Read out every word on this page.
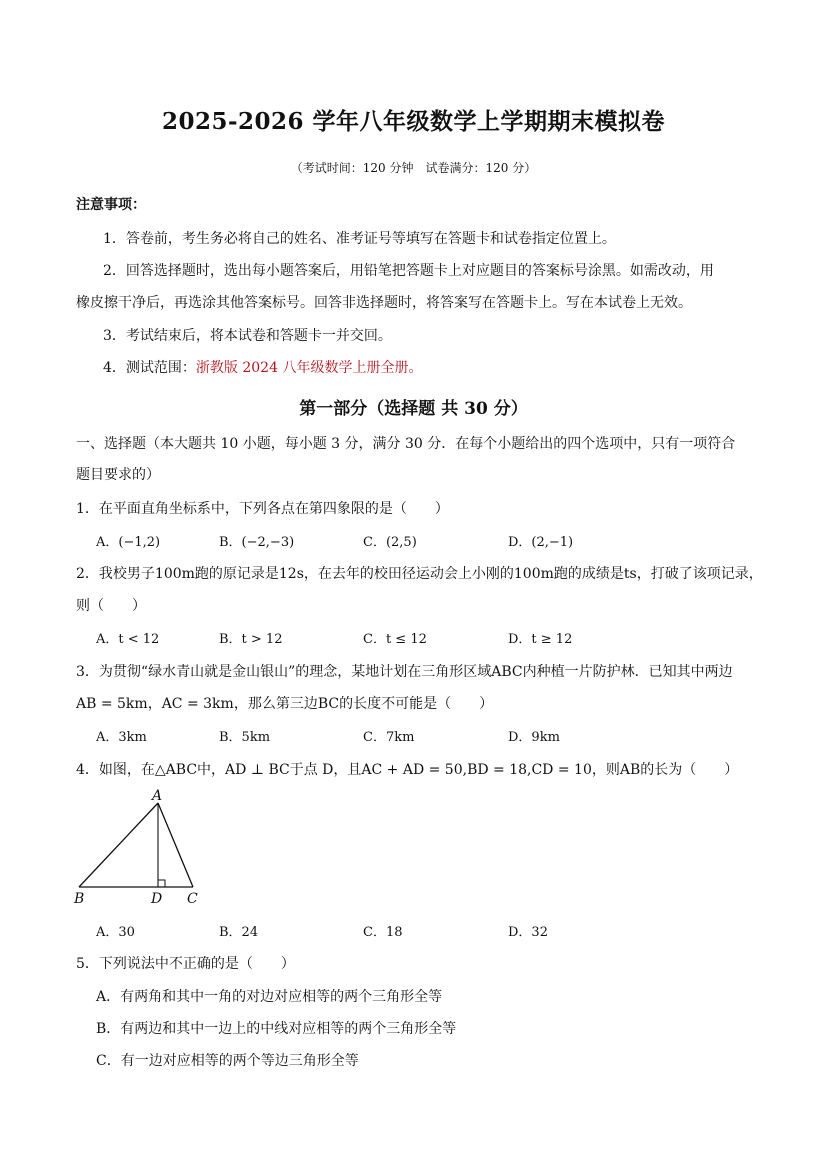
2025-2026 学年八年级数学上学期期末模拟卷
（考试时间：120 分钟　试卷满分：120 分）
注意事项：
1．答卷前，考生务必将自己的姓名、准考证号等填写在答题卡和试卷指定位置上。
2．回答选择题时，选出每小题答案后，用铅笔把答题卡上对应题目的答案标号涂黑。如需改动，用
橡皮擦干净后，再选涂其他答案标号。回答非选择题时，将答案写在答题卡上。写在本试卷上无效。
3．考试结束后，将本试卷和答题卡一并交回。
4．测试范围：浙教版 2024 八年级数学上册全册。
第一部分（选择题 共 30 分）
一、选择题（本大题共 10 小题，每小题 3 分，满分 30 分．在每个小题给出的四个选项中，只有一项符合
题目要求的）
1．在平面直角坐标系中，下列各点在第四象限的是（　　）
A．(−1,2)	B．(−2,−3)	C．(2,5)	D．(2,−1)
2．我校男子100m跑的原记录是12s，在去年的校田径运动会上小刚的100m跑的成绩是ts，打破了该项记录，
则（　　）
A．t < 12	B．t > 12	C．t ≤ 12	D．t ≥ 12
3．为贯彻“绿水青山就是金山银山”的理念，某地计划在三角形区域ABC内种植一片防护林．已知其中两边
AB = 5km，AC = 3km，那么第三边BC的长度不可能是（　　）
A．3km	B．5km	C．7km	D．9km
4．如图，在△ABC中，AD ⊥ BC于点 D，且AC + AD = 50,BD = 18,CD = 10，则AB的长为（　　）
A
B	D C
A．30	B．24	C．18	D．32
5．下列说法中不正确的是（　　）
A．有两角和其中一角的对边对应相等的两个三角形全等
B．有两边和其中一边上的中线对应相等的两个三角形全等
C．有一边对应相等的两个等边三角形全等
